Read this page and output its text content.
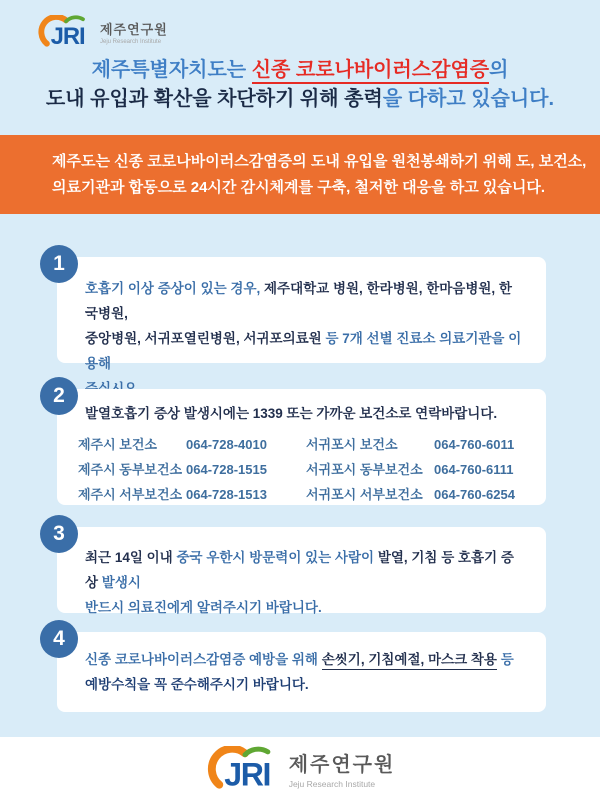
JRI 제주연구원
Jeju Research Institute
제주특별자치도는 신종 코로나바이러스감염증의
도내 유입과 확산을 차단하기 위해 총력을 다하고 있습니다.
제주도는 신종 코로나바이러스감염증의 도내 유입을 원천봉쇄하기 위해 도, 보건소,
의료기관과 합동으로 24시간 감시체계를 구축, 철저한 대응을 하고 있습니다.
1
2
3
4
호흡기 이상 증상이 있는 경우, 제주대학교 병원, 한라병원, 한마음병원, 한국병원,
중앙병원, 서귀포열린병원, 서귀포의료원 등 7개 선별 진료소 의료기관을 이용해

발열호흡기 증상 발생시에는 1339 또는 가까운 보건소로 연락바랍니다.
제주시 보건소	064-728-4010	서귀포시 보건소	064-760-6011
제주시 동부보건소 064-728-1515	서귀포시 동부보건소 064-760-6111
제주시 서부보건소 064-728-1513	서귀포시 서부보건소 064-760-6254
최근 14일 이내 중국 우한시 방문력이 있는 사람이 발열, 기침 등 호흡기 증상 발생시
반드시 의료진에게 알려주시기 바랍니다.
신종 코로나바이러스감염증 예방을 위해 손씻기, 기침예절, 마스크 착용 등
예방수칙을 꼭 준수해주시기 바랍니다.
JRI 제주연구원
Jeju Research Institute
